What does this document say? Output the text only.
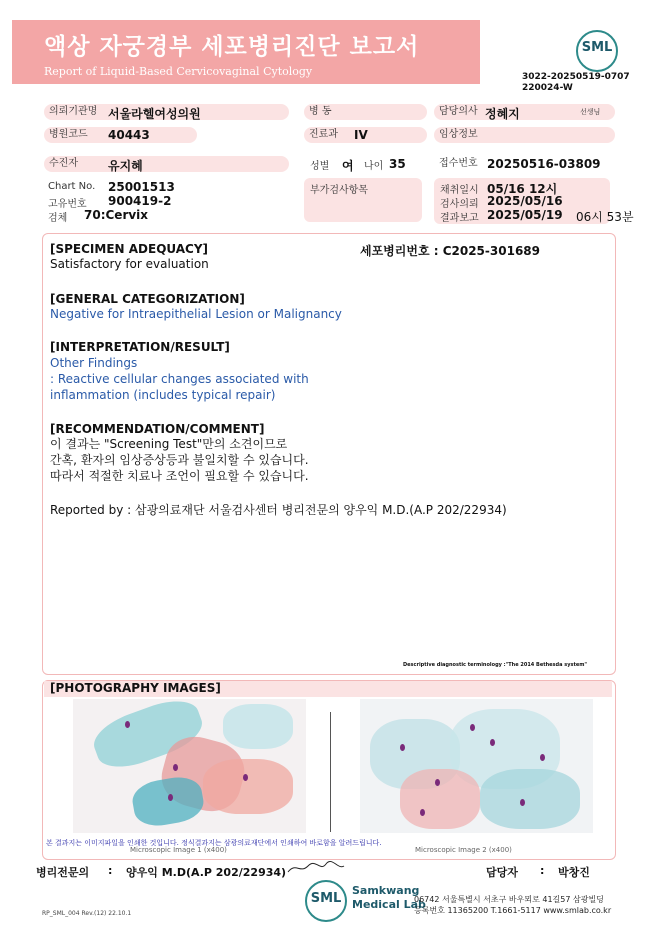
액상 자궁경부 세포병리진단 보고서
Report of Liquid-Based Cervicovaginal Cytology
SML
3022-20250519-0707
220024-W
의뢰기관명 서울라헬여성의원	병 동	담당의사 정혜지	선생님
병원코드	40443	진료과	IV	임상정보
수진자	유지혜	성별 여 나이 35	접수번호 20250516-03809
Chart No. 25001513
고유번호 900419-2
검체 70:Cervix
부가검사항목	채취일시 05/16 12시
검사의뢰 2025/05/16
결과보고 2025/05/19 06시 53분
[SPECIMEN ADEQUACY]	세포병리번호 : C2025-301689
Satisfactory for evaluation
[GENERAL CATEGORIZATION]
Negative for Intraepithelial Lesion or Malignancy
[INTERPRETATION/RESULT]
Other Findings
: Reactive cellular changes associated with
inflammation (includes typical repair)
[RECOMMENDATION/COMMENT]
이 결과는 "Screening Test"만의 소견이므로
간혹, 환자의 임상증상등과 불일치할 수 있습니다.
따라서 적절한 치료나 조언이 필요할 수 있습니다.
Reported by : 삼광의료재단 서울검사센터 병리전문의 양우익 M.D.(A.P 202/22934)
Descriptive diagnostic terminology :"The 2014 Bethesda system"
[PHOTOGRAPHY IMAGES]
Microscopic Image 1 (x400)	Microscopic Image 2 (x400)
본 결과지는 이미지파일을 인쇄한 것입니다. 정식결과지는 삼광의료재단에서 인쇄하여 바로함을 알려드립니다.
병리전문의 : 양우익 M.D(A.P 202/22934)	담당자 : 박창진
SML
Samkwang
Medical Lab
06742 서울특별시 서초구 바우뫼로 41길57 삼광빌딩
등록번호 11365200 T.1661-5117 www.smlab.co.kr
RP_SML_004 Rev.(12) 22.10.1
